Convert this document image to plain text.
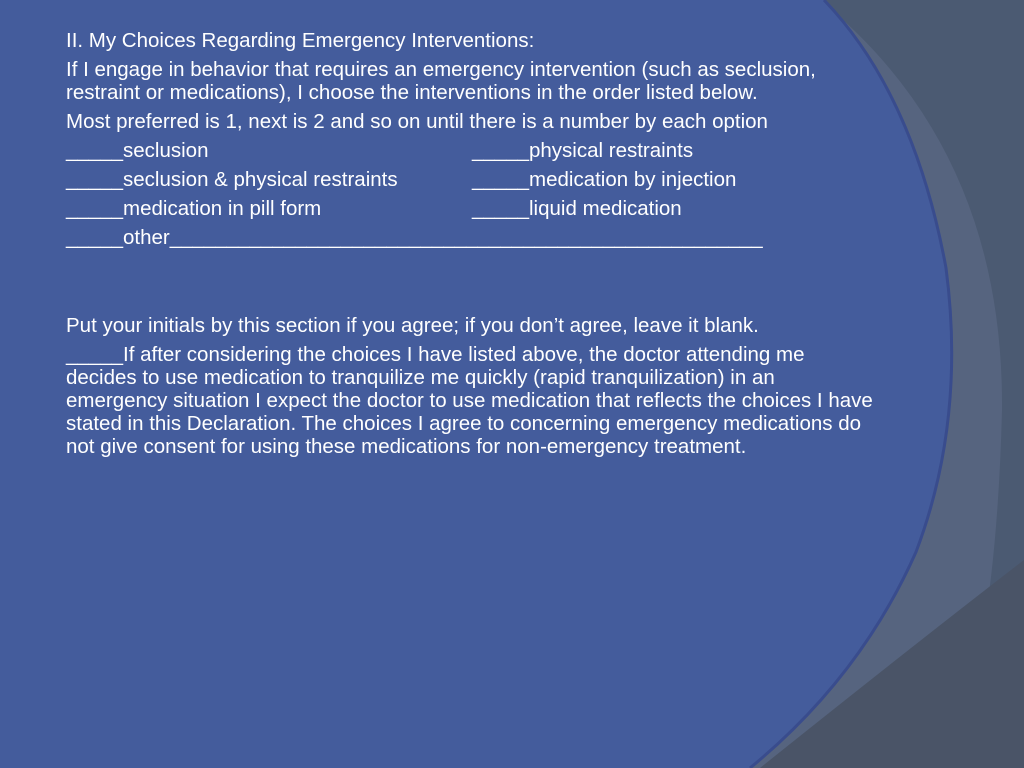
II. My Choices Regarding Emergency Interventions:

If I engage in behavior that requires an emergency intervention (such as seclusion, restraint or medications), I choose the interventions in the order listed below.

Most preferred is 1, next is 2 and so on until there is a number by each option

_____seclusion	_____physical restraints
_____seclusion & physical restraints	_____medication by injection
_____medication in pill form	_____liquid medication

_____other____________________________________________________

Put your initials by this section if you agree; if you don’t agree, leave it blank.

_____If after considering the choices I have listed above, the doctor attending me decides to use medication to tranquilize me quickly (rapid tranquilization) in an emergency situation I expect the doctor to use medication that reflects the choices I have stated in this Declaration. The choices I agree to concerning emergency medications do not give consent for using these medications for non-emergency treatment.
